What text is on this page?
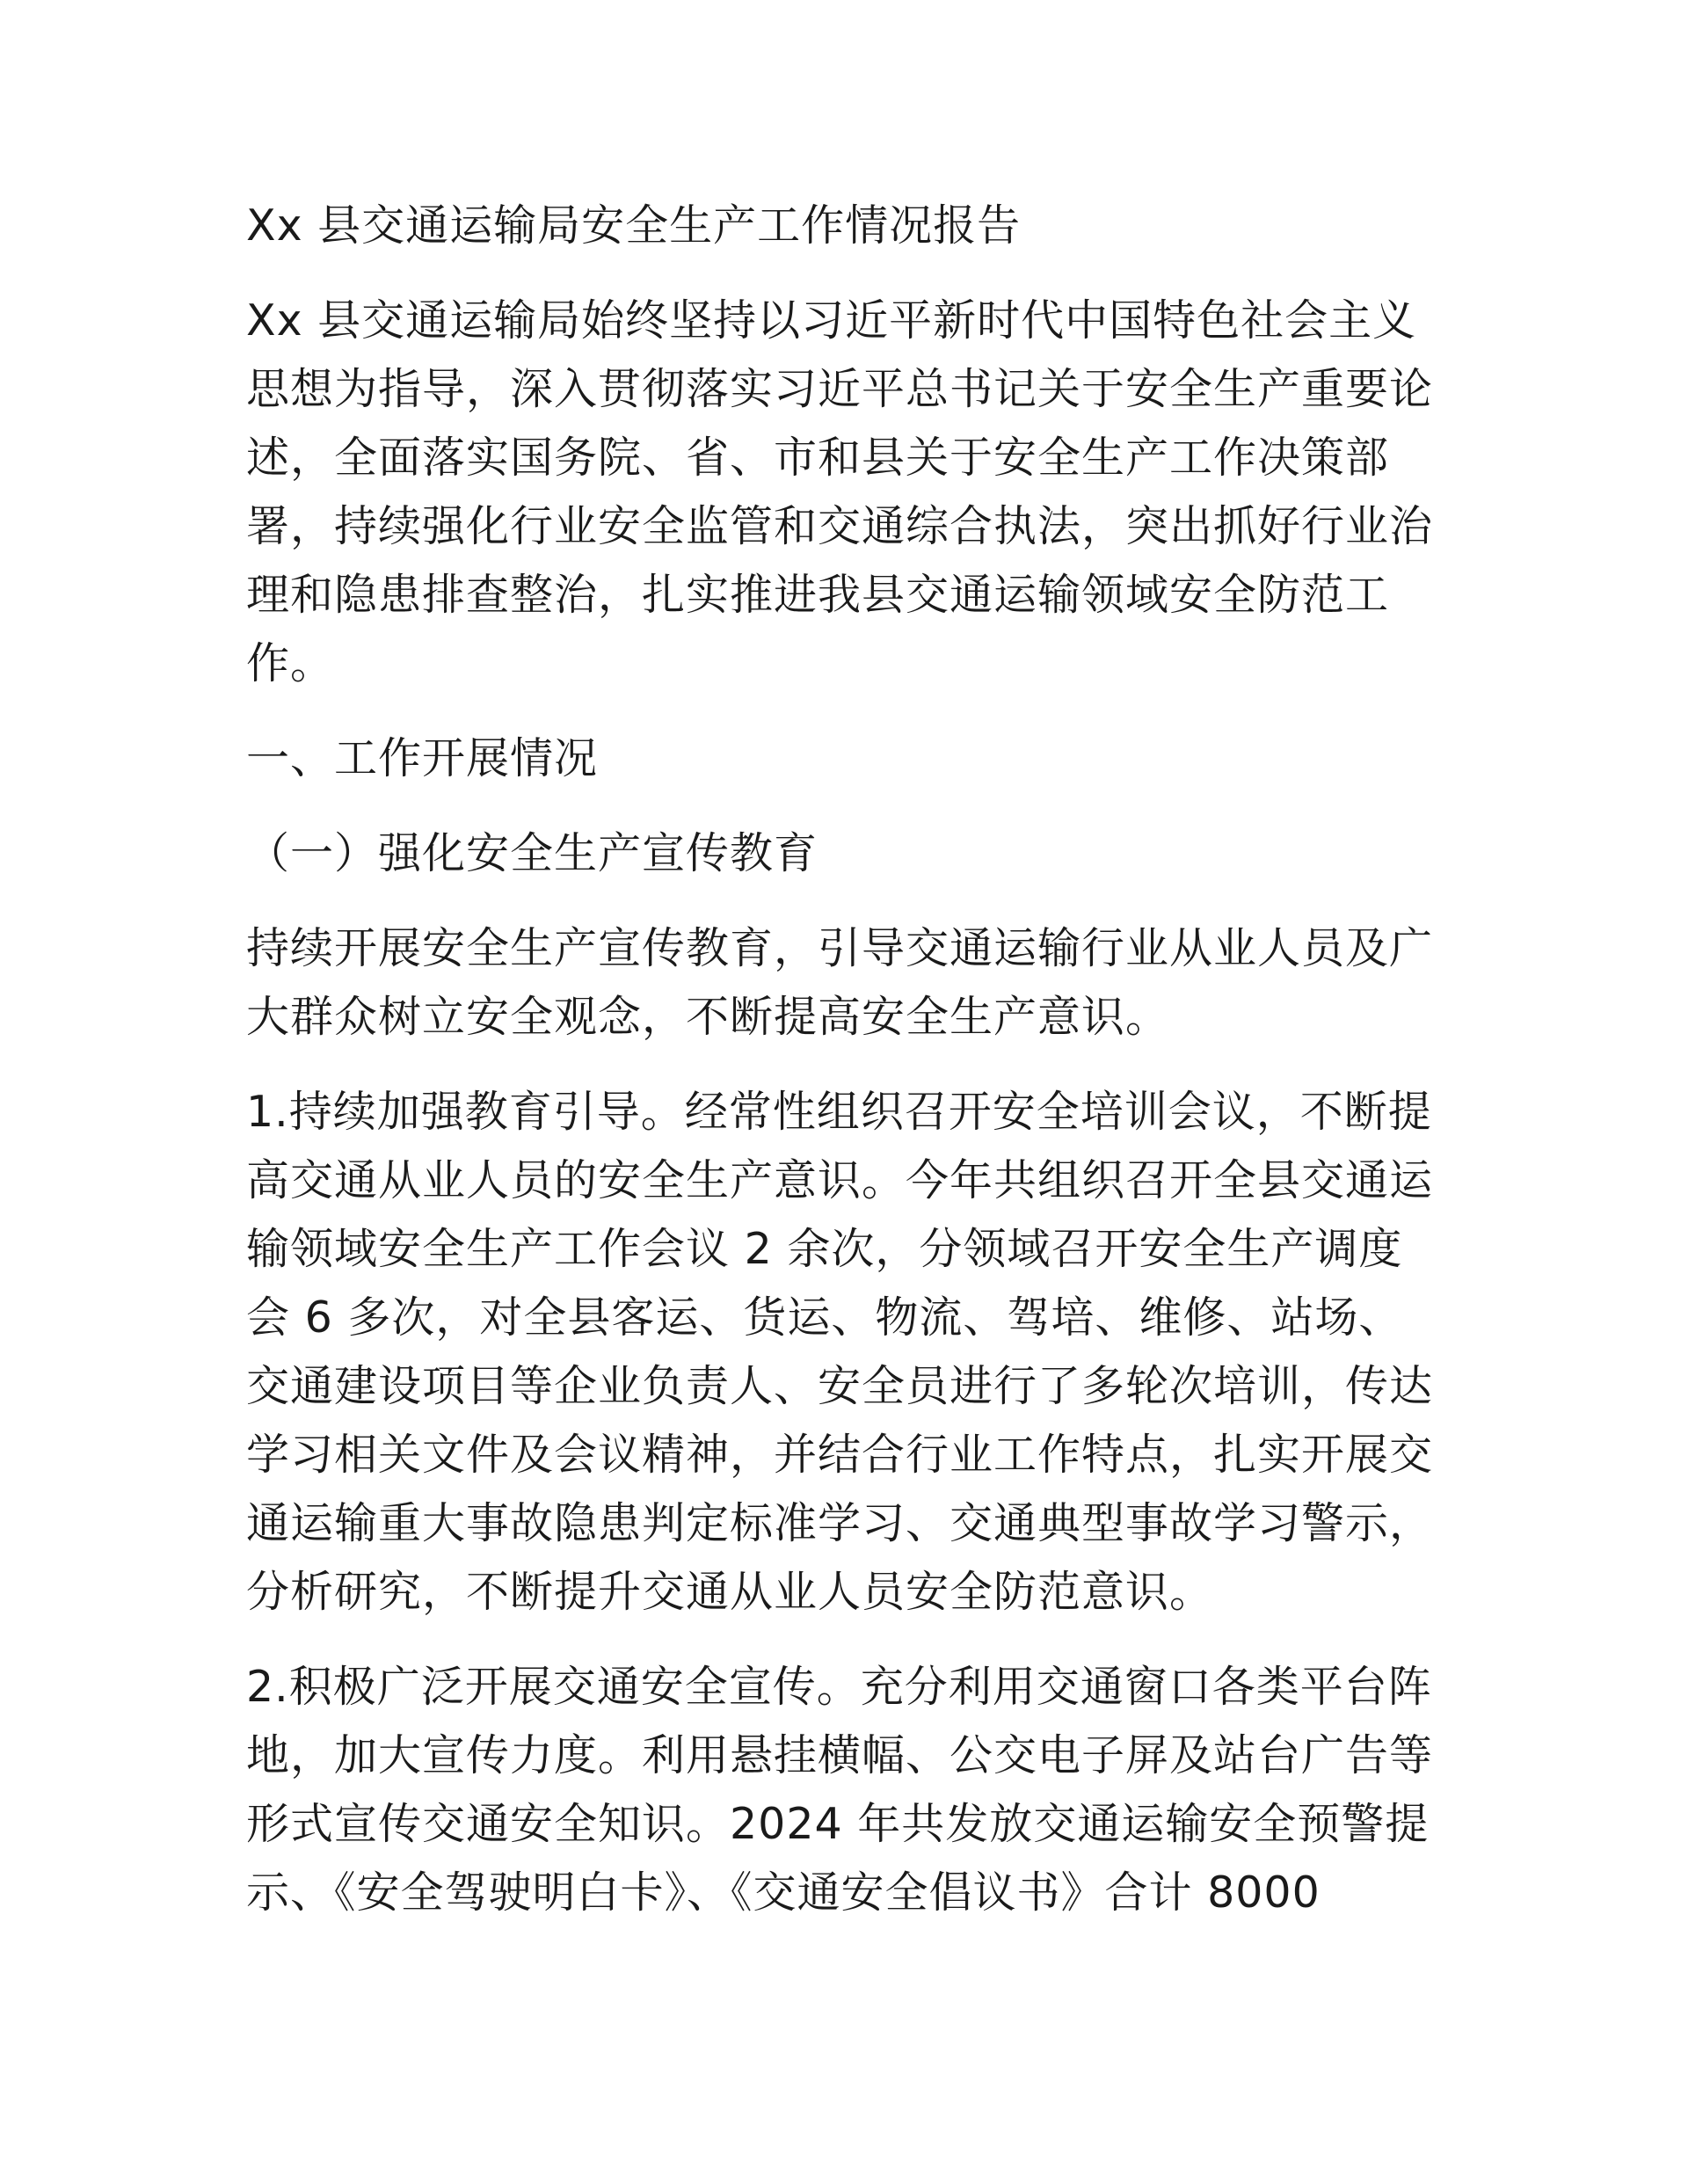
Xx 县交通运输局安全生产工作情况报告

Xx 县交通运输局始终坚持以习近平新时代中国特色社会主义思想为指导，深入贯彻落实习近平总书记关于安全生产重要论述，全面落实国务院、省、市和县关于安全生产工作决策部署，持续强化行业安全监管和交通综合执法，突出抓好行业治理和隐患排查整治，扎实推进我县交通运输领域安全防范工作。

一、工作开展情况

（一）强化安全生产宣传教育

持续开展安全生产宣传教育，引导交通运输行业从业人员及广大群众树立安全观念，不断提高安全生产意识。

1.持续加强教育引导。经常性组织召开安全培训会议，不断提高交通从业人员的安全生产意识。今年共组织召开全县交通运输领域安全生产工作会议 2 余次，分领域召开安全生产调度会 6 多次，对全县客运、货运、物流、驾培、维修、站场、交通建设项目等企业负责人、安全员进行了多轮次培训，传达学习相关文件及会议精神，并结合行业工作特点，扎实开展交通运输重大事故隐患判定标准学习、交通典型事故学习警示，分析研究，不断提升交通从业人员安全防范意识。

2.积极广泛开展交通安全宣传。充分利用交通窗口各类平台阵地，加大宣传力度。利用悬挂横幅、公交电子屏及站台广告等形式宣传交通安全知识。2024 年共发放交通运输安全预警提示、《安全驾驶明白卡》、《交通安全倡议书》合计 8000
